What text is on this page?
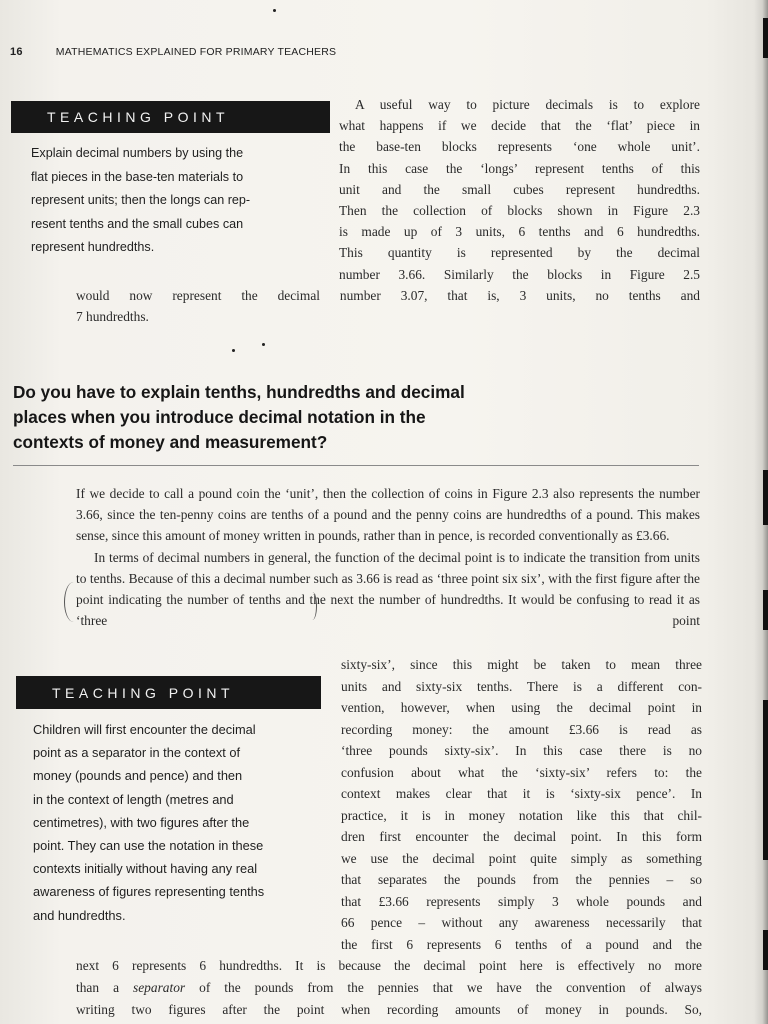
16	MATHEMATICS EXPLAINED FOR PRIMARY TEACHERS
TEACHING POINT
Explain decimal numbers by using the
flat pieces in the base-ten materials to
represent units; then the longs can rep-
resent tenths and the small cubes can
represent hundredths.
A useful way to picture decimals is to explore
what happens if we decide that the ‘flat’ piece in
the base-ten blocks represents ‘one whole unit’.
In this case the ‘longs’ represent tenths of this
unit and the small cubes represent hundredths.
Then the collection of blocks shown in Figure 2.3
is made up of 3 units, 6 tenths and 6 hundredths.
This quantity is represented by the decimal
number 3.66. Similarly the blocks in Figure 2.5
would now represent the decimal number 3.07, that is, 3 units, no tenths and
7 hundredths.
Do you have to explain tenths, hundredths and decimal
places when you introduce decimal notation in the
contexts of money and measurement?

If we decide to call a pound coin the ‘unit’, then the collection of coins in Figure 2.3 also represents the number 3.66, since the ten-penny coins are tenths of a pound and the penny coins are hundredths of a pound. This makes sense, since this amount of money written in pounds, rather than in pence, is recorded conventionally as £3.66.

In terms of decimal numbers in general, the function of the decimal point is to indicate the transition from units to tenths. Because of this a decimal number such as 3.66 is read as ‘three point six six’, with the first figure after the point indicating the number of tenths and the next the number of hundredths. It would be confusing to read it as ‘three point

TEACHING POINT
Children will first encounter the decimal
point as a separator in the context of
money (pounds and pence) and then
in the context of length (metres and
centimetres), with two figures after the
point. They can use the notation in these
contexts initially without having any real
awareness of figures representing tenths
and hundredths.
sixty-six’, since this might be taken to mean three
units and sixty-six tenths. There is a different con-
vention, however, when using the decimal point in
recording money: the amount £3.66 is read as
‘three pounds sixty-six’. In this case there is no
confusion about what the ‘sixty-six’ refers to: the
context makes clear that it is ‘sixty-six pence’. In
practice, it is in money notation like this that chil-
dren first encounter the decimal point. In this form
we use the decimal point quite simply as something
that separates the pounds from the pennies – so
that £3.66 represents simply 3 whole pounds and
66 pence – without any awareness necessarily that
the first 6 represents 6 tenths of a pound and the
next 6 represents 6 hundredths. It is because the decimal point here is effectively no more
than a separator of the pounds from the pennies that we have the convention of always
writing two figures after the point when recording amounts of money in pounds. So,
